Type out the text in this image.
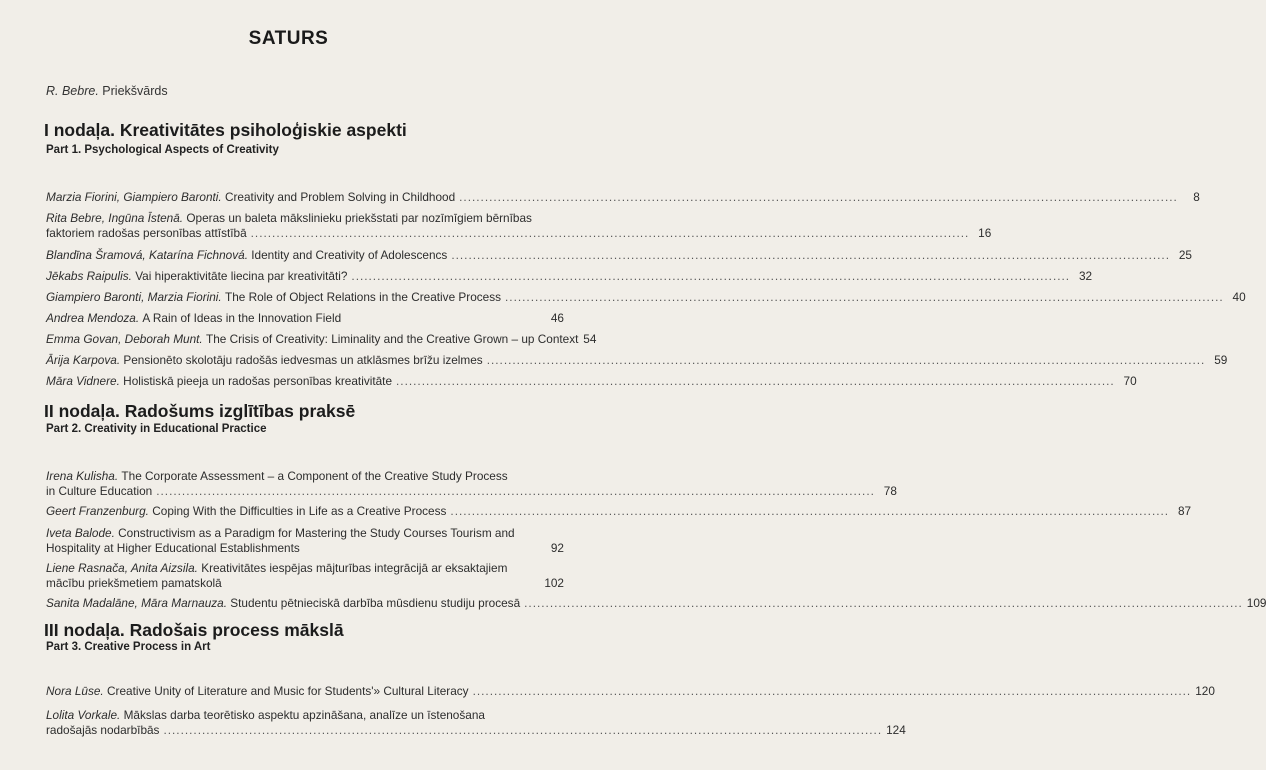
SATURS
R. Bebre. Priekšvārds
I nodaļa. Kreativitātes psiholoģiskie aspekti
Part 1. Psychological Aspects of Creativity
Marzia Fiorini, Giampiero Baronti.
Creativity and Problem Solving in Childhood .....	8
Rita Bebre, Ingūna Īstenā.
Operas un baleta mākslinieku priekšstati par nozīmīgiem bērnības
faktoriem radošas personības attīstībā .....	16
Blandīna Šramová, Katarína Fichnová.
Identity and Creativity of Adolescencs .....	25
Jēkabs Raipulis.
Vai hiperaktivitāte liecina par kreativitāti? .....	32
Giampiero Baronti, Marzia Fiorini.
The Role of Object Relations in the Creative Process .....	40
Andrea Mendoza.
A Rain of Ideas in the Innovation Field	46
Emma Govan, Deborah Munt.
The Crisis of Creativity: Liminality and the Creative Grown – up Context 54
Ārija Karpova.
Pensionēto skolotāju radošās iedvesmas un atklāsmes brīžu izelmes .....	59
Māra Vidnere.
Holistiskā pieeja un radošas personības kreativitāte .....	70
II nodaļa. Radošums izglītības praksē
Part 2. Creativity in Educational Practice
Irena Kulisha.
The Corporate Assessment – a Component of the Creative Study Process
in Culture Education .....	78
Geert Franzenburg.
Coping With the Difficulties in Life as a Creative Process .....	87
Iveta Balode.
Constructivism as a Paradigm for Mastering the Study Courses Tourism and
Hospitality at Higher Educational Establishments	92
Liene Rasnača, Anita Aizsila.
Kreativitātes iespējas mājturības integrācijā ar eksaktajiem
mācību priekšmetiem pamatskolā	102
Sanita Madalāne, Māra Marnauza.
Studentu pētnieciskā darbība mūsdienu studiju procesā .....	109
III nodaļa. Radošais process mākslā
Part 3. Creative Process in Art
Nora Lūse.
Creative Unity of Literature and Music for Students'» Cultural Literacy .....	120
Lolita Vorkale.
Mākslas darba teorētisko aspektu apzināšana, analīze un īstenošana
radošajās nodarbībās .....	124
